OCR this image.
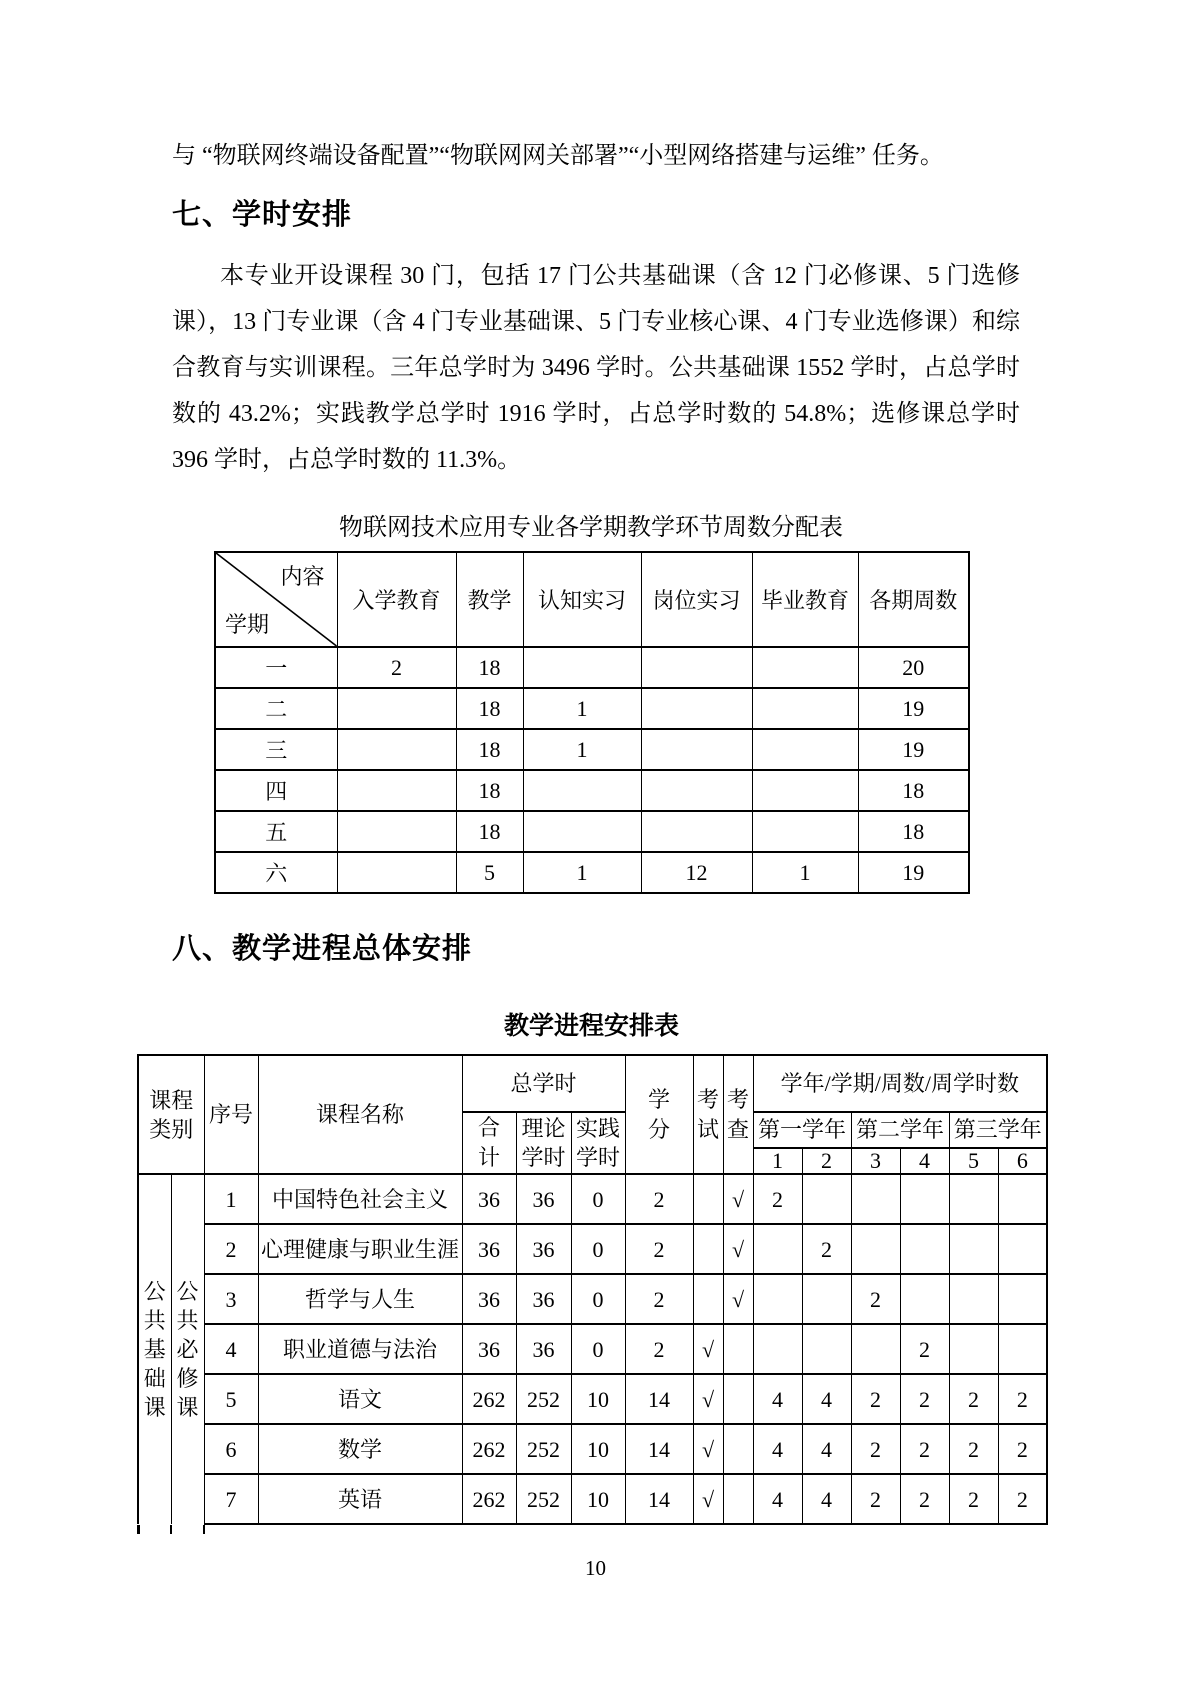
与 “物联网终端设备配置”“物联网网关部署”“小型网络搭建与运维” 任务。
七、学时安排
本专业开设课程 30 门，包括 17 门公共基础课（含 12 门必修课、5 门选修课），13 门专业课（含 4 门专业基础课、5 门专业核心课、4 门专业选修课）和综合教育与实训课程。三年总学时为 3496 学时。公共基础课 1552 学时，占总学时数的 43.2%；实践教学总学时 1916 学时，占总学时数的 54.8%；选修课总学时 396 学时，占总学时数的 11.3%。
物联网技术应用专业各学期教学环节周数分配表
内容
学期	入学教育	教学	认知实习	岗位实习	毕业教育	各期周数
一	2	18				20
二		18	1			19
三		18	1			19
四		18				18
五		18				18
六		5	1	12	1	19
八、教学进程总体安排
教学进程安排表
课程类别		序号	课程名称	总学时			学分	考试	考查	学年/学期/周数/周学时数					
				合计	理论学时	实践学时				第一学年		第二学年		第三学年	
										1	2	3	4	5	6
公共基础课	公共必修课	1	中国特色社会主义	36	36	0	2		√	2					
		2	心理健康与职业生涯	36	36	0	2		√		2				
		3	哲学与人生	36	36	0	2		√			2			
		4	职业道德与法治	36	36	0	2	√					2		
		5	语文	262	252	10	14	√		4	4	2	2	2	2
		6	数学	262	252	10	14	√		4	4	2	2	2	2
		7	英语	262	252	10	14	√		4	4	2	2	2	2
10
